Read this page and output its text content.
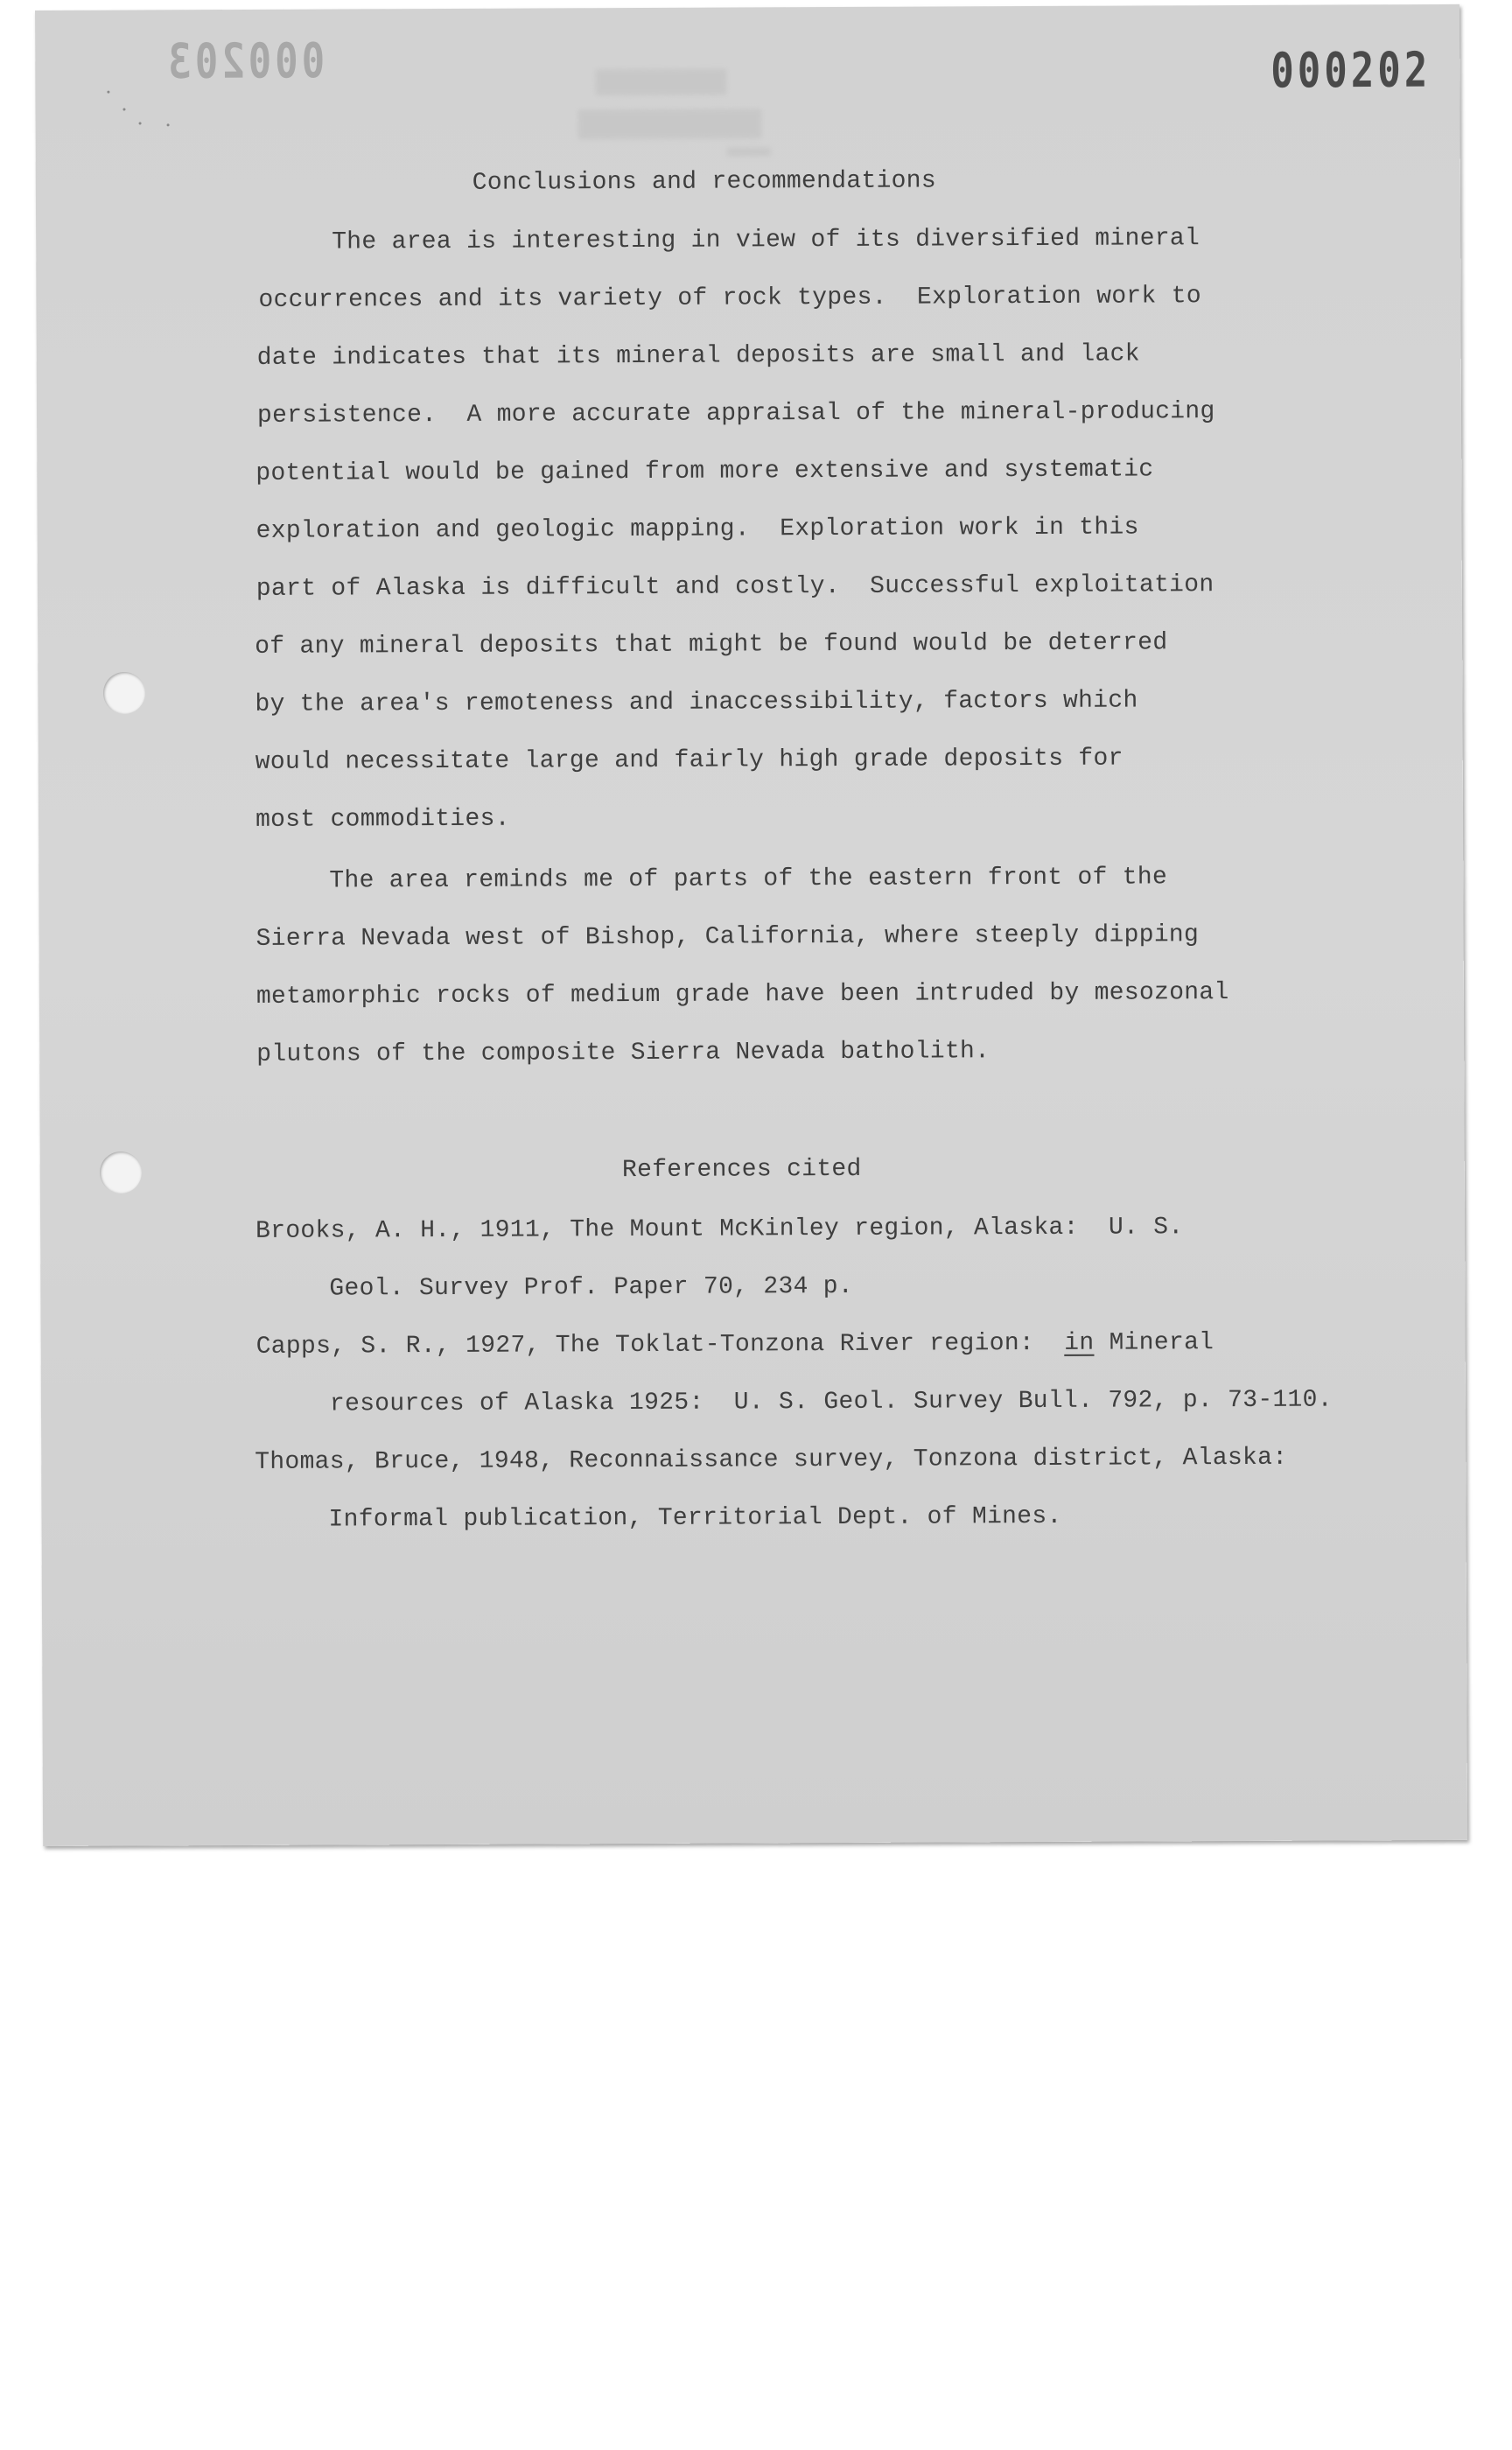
000203	000202
Conclusions and recommendations
The area is interesting in view of its diversified mineral
occurrences and its variety of rock types.  Exploration work to
date indicates that its mineral deposits are small and lack
persistence.  A more accurate appraisal of the mineral-producing
potential would be gained from more extensive and systematic
exploration and geologic mapping.  Exploration work in this
part of Alaska is difficult and costly.  Successful exploitation
of any mineral deposits that might be found would be deterred
by the area's remoteness and inaccessibility, factors which
would necessitate large and fairly high grade deposits for
most commodities.
The area reminds me of parts of the eastern front of the
Sierra Nevada west of Bishop, California, where steeply dipping
metamorphic rocks of medium grade have been intruded by mesozonal
plutons of the composite Sierra Nevada batholith.
References cited
Brooks, A. H., 1911, The Mount McKinley region, Alaska:  U. S.
Geol. Survey Prof. Paper 70, 234 p.
Capps, S. R., 1927, The Toklat-Tonzona River region:  in Mineral
resources of Alaska 1925:  U. S. Geol. Survey Bull. 792, p. 73-110.
Thomas, Bruce, 1948, Reconnaissance survey, Tonzona district, Alaska:
Informal publication, Territorial Dept. of Mines.
